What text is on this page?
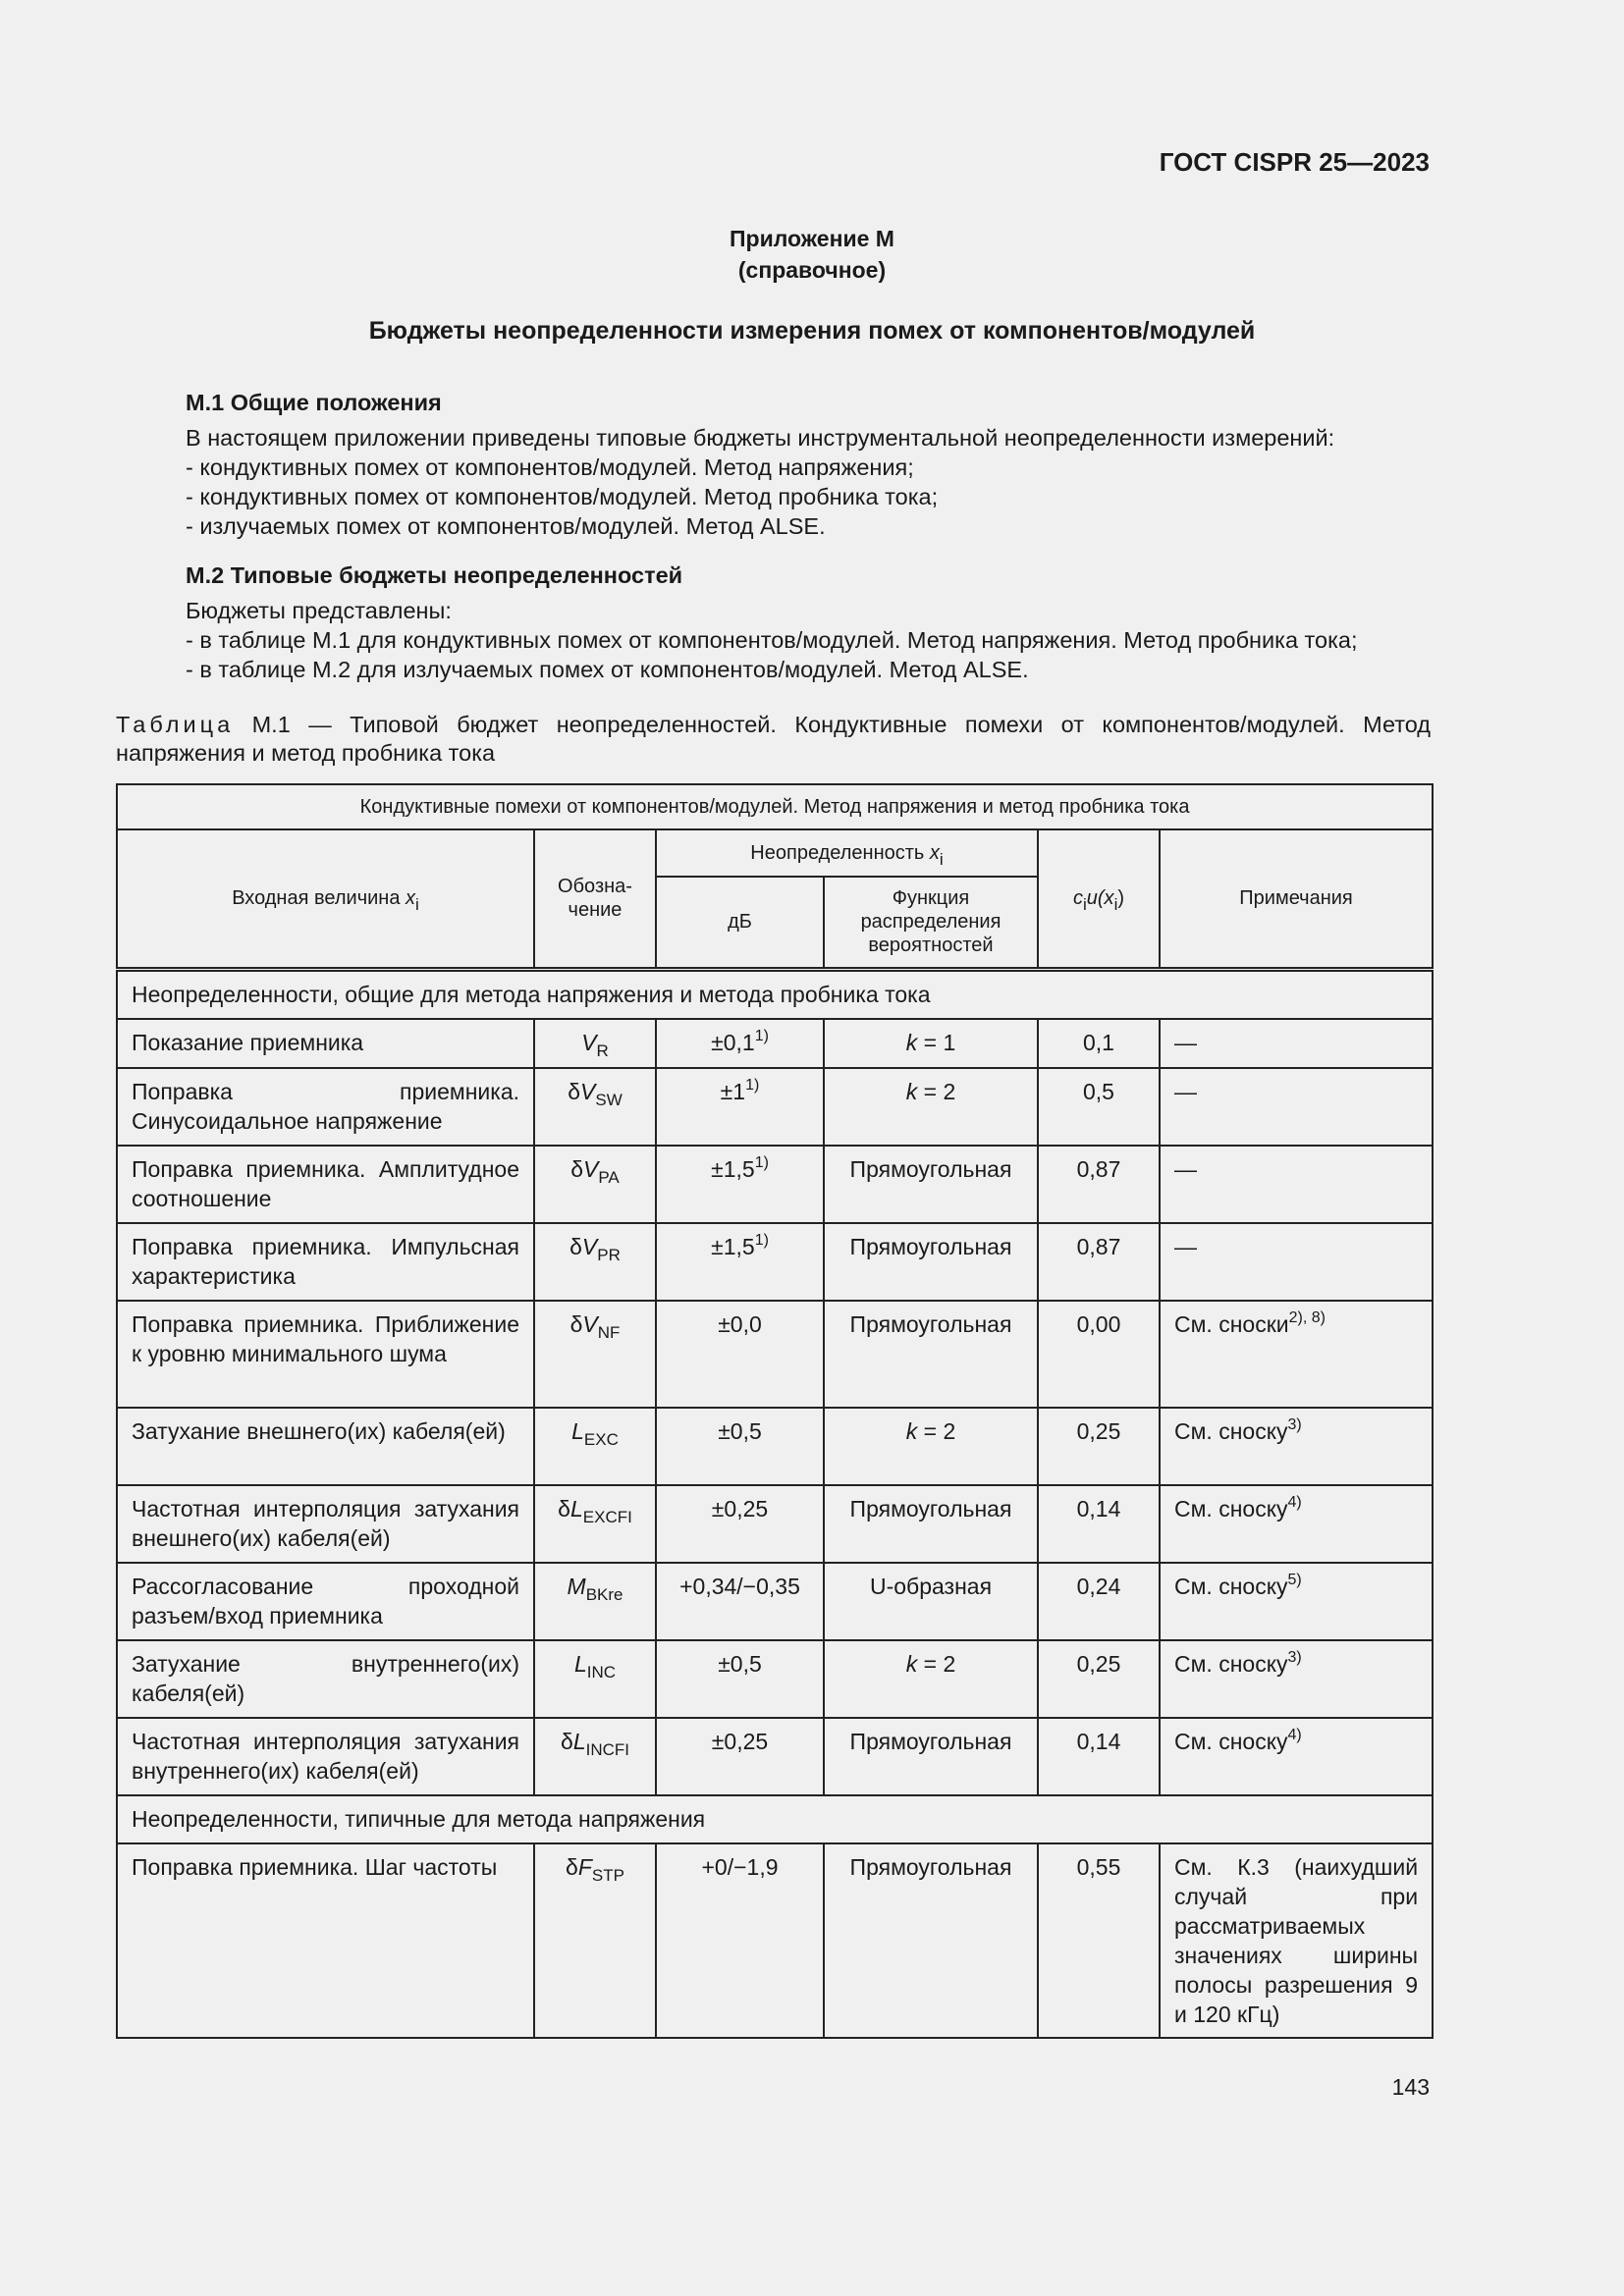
ГОСТ CISPR 25—2023
Приложение М
(справочное)
Бюджеты неопределенности измерения помех от компонентов/модулей
М.1 Общие положения
В настоящем приложении приведены типовые бюджеты инструментальной неопределенности измерений:
- кондуктивных помех от компонентов/модулей. Метод напряжения;
- кондуктивных помех от компонентов/модулей. Метод пробника тока;
- излучаемых помех от компонентов/модулей. Метод ALSE.
М.2 Типовые бюджеты неопределенностей
Бюджеты представлены:
- в таблице М.1 для кондуктивных помех от компонентов/модулей. Метод напряжения. Метод пробника тока;
- в таблице М.2 для излучаемых помех от компонентов/модулей. Метод ALSE.
Таблица М.1 — Типовой бюджет неопределенностей. Кондуктивные помехи от компонентов/модулей. Метод напряжения и метод пробника тока
Кондуктивные помехи от компонентов/модулей. Метод напряжения и метод пробника тока					
Входная величина $x_i$	Обозна-чение	Неопределенность $x_i$		$c_iu(x_i)$	Примечания
		дБ	Функция распределения вероятностей		
Неопределенности, общие для метода напряжения и метода пробника тока					
Показание приемника	$V_R$	$\pm 0,1^{1)}$	k = 1	0,1	—
Поправка приемника. Синусоидальное напряжение	$\delta V_{SW}$	$\pm 1^{1)}$	k = 2	0,5	—
Поправка приемника. Амплитудное соотношение	$\delta V_{PA}$	$\pm 1,5^{1)}$	Прямоугольная	0,87	—
Поправка приемника. Импульсная характеристика	$\delta V_{PR}$	$\pm 1,5^{1)}$	Прямоугольная	0,87	—
Поправка приемника. Приближение к уровню минимального шума	$\delta V_{NF}$	±0,0	Прямоугольная	0,00	См. сноски$^{2), 8)}$
Затухание внешнего(их) кабеля(ей)	$L_{EXC}$	±0,5	k = 2	0,25	См. сноску$^{3)}$
Частотная интерполяция затухания внешнего(их) кабеля(ей)	$\delta L_{EXCFI}$	±0,25	Прямоугольная	0,14	См. сноску$^{4)}$
Рассогласование проходной разъем/вход приемника	$M_{BKre}$	+0,34/−0,35	U-образная	0,24	См. сноску$^{5)}$
Затухание внутреннего(их) кабеля(ей)	$L_{INC}$	±0,5	k = 2	0,25	См. сноску$^{3)}$
Частотная интерполяция затухания внутреннего(их) кабеля(ей)	$\delta L_{INCFI}$	±0,25	Прямоугольная	0,14	См. сноску$^{4)}$
Неопределенности, типичные для метода напряжения					
Поправка приемника. Шаг частоты	$\delta F_{STP}$	+0/−1,9	Прямоугольная	0,55	См. К.3 (наихудший случай при рассматриваемых значениях ширины полосы разрешения 9 и 120 кГц)
143
